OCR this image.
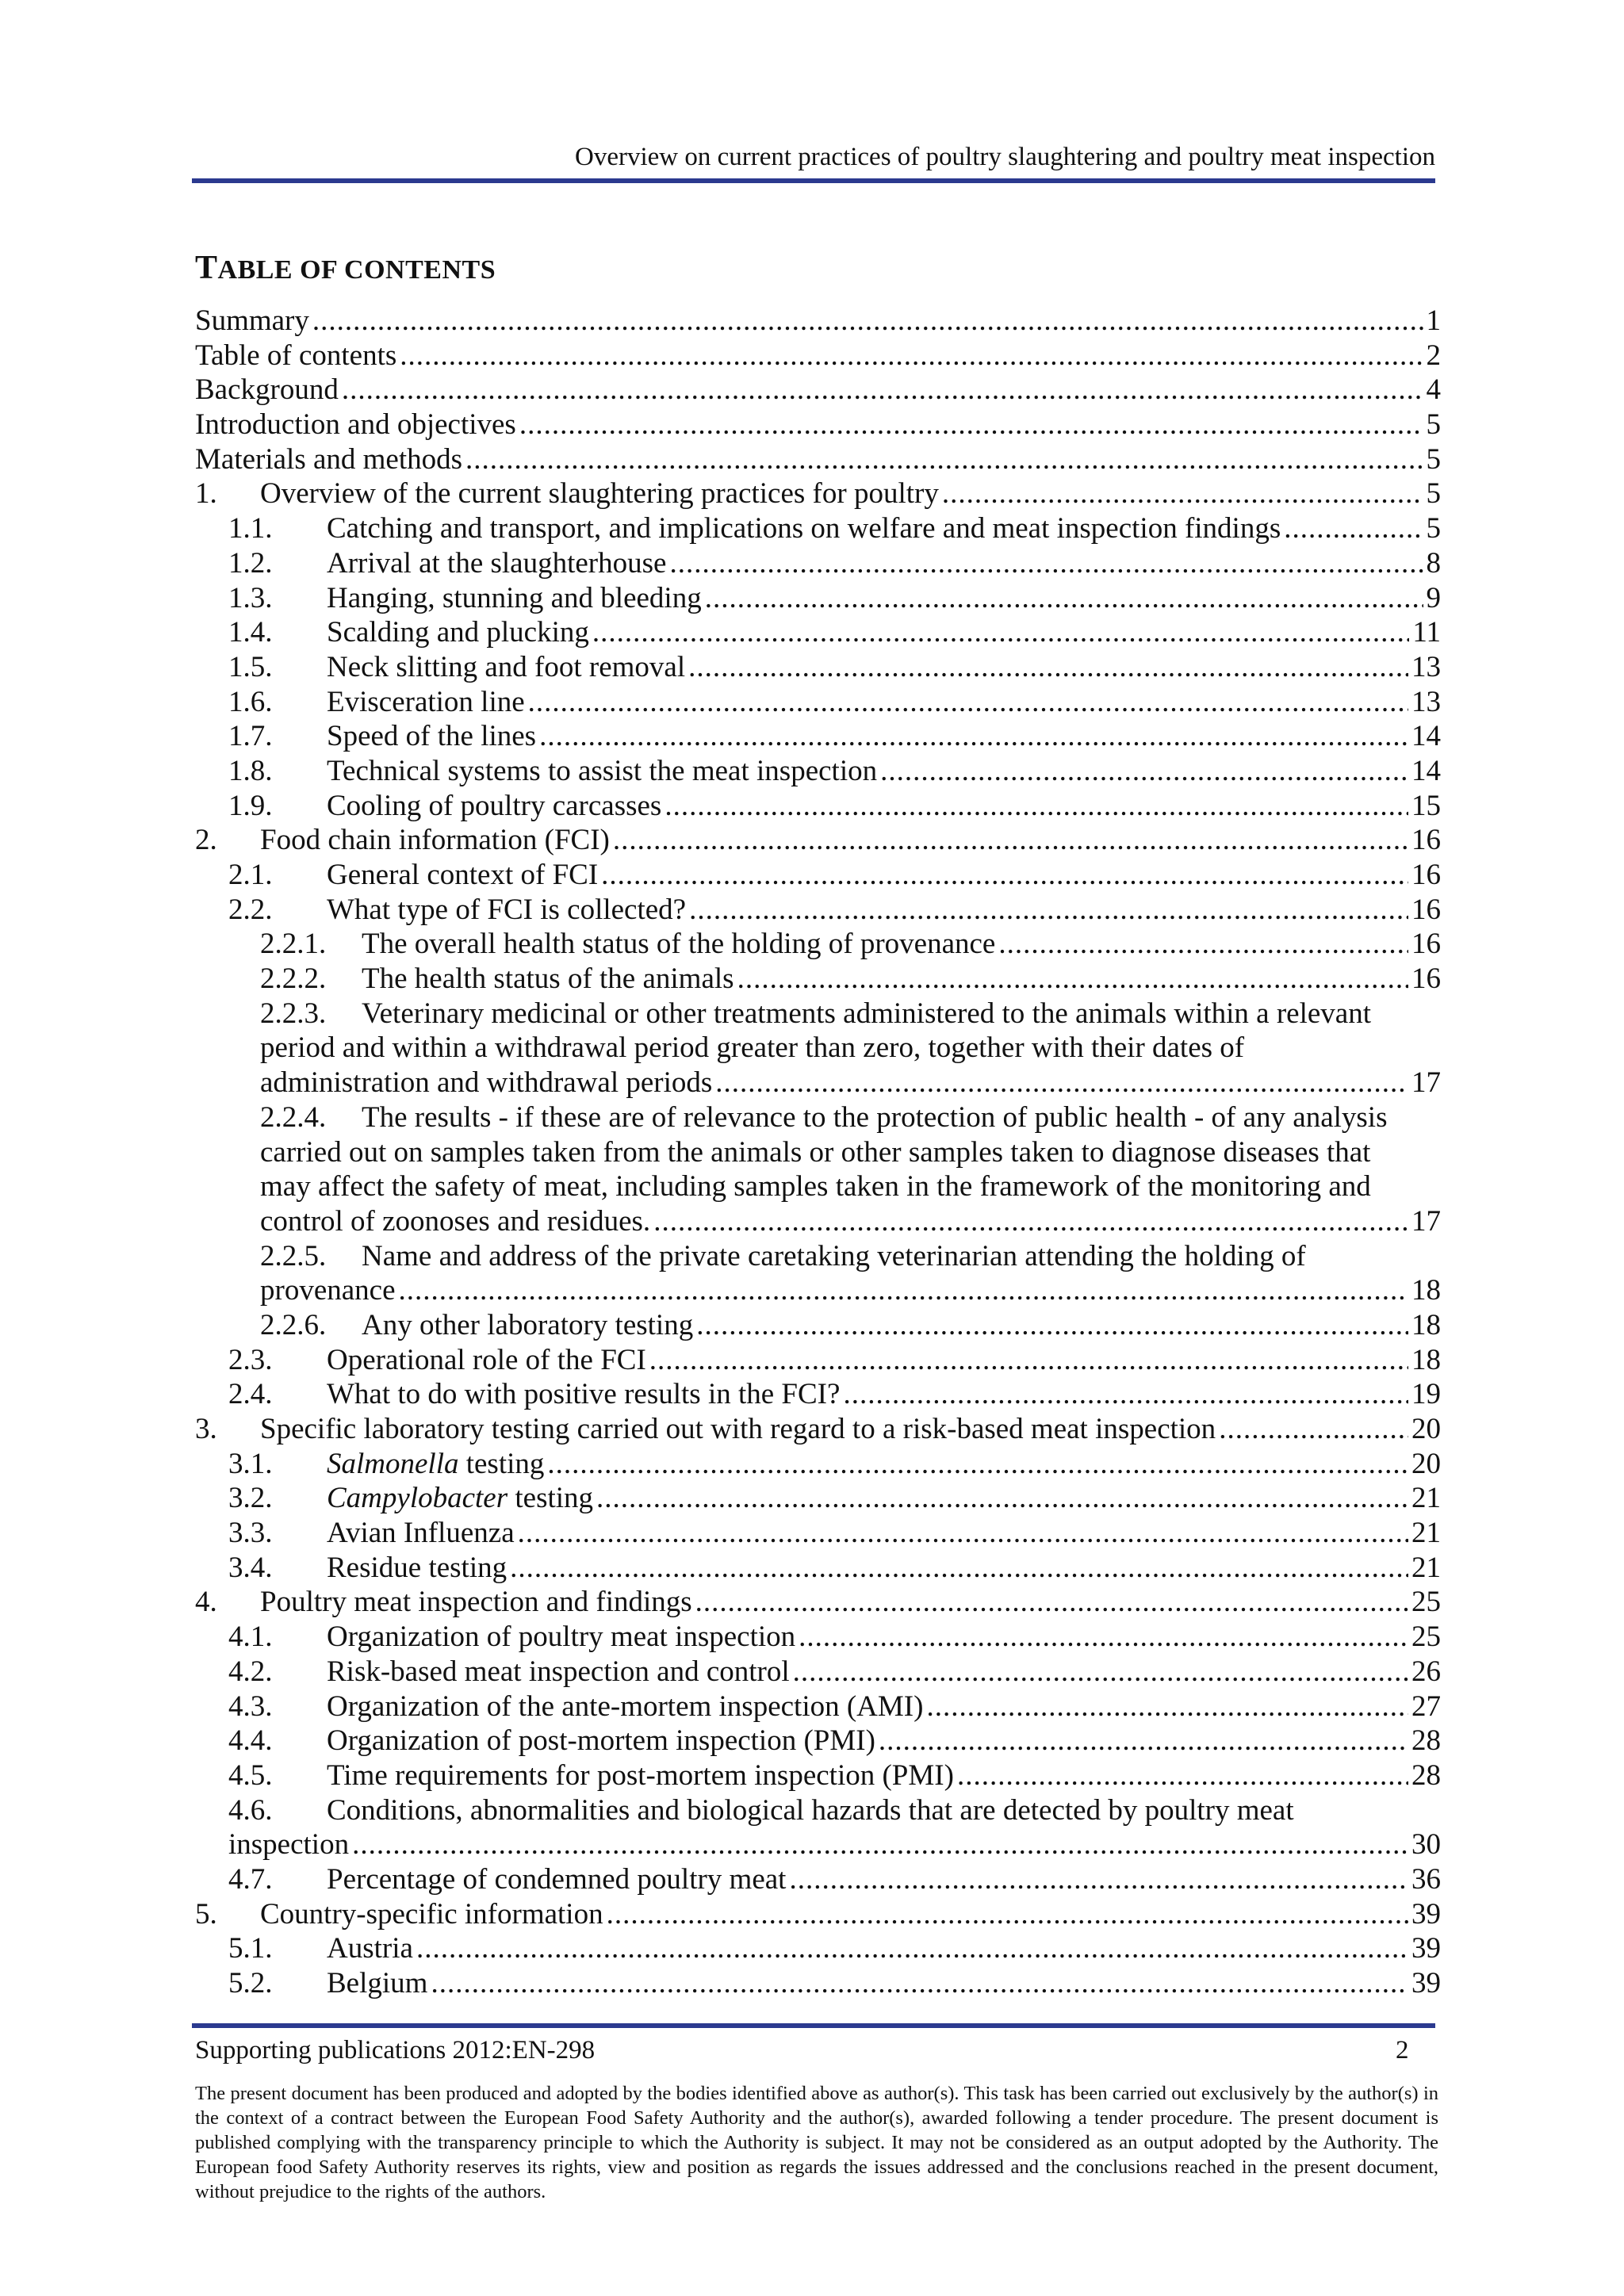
Overview on current practices of poultry slaughtering and poultry meat inspection
TABLE OF CONTENTS
Summary .....	1
Table of contents .....	2
Background .....	4
Introduction and objectives .....	5
Materials and methods .....	5
1.	Overview of the current slaughtering practices for poultry .....	5
1.1.	Catching and transport, and implications on welfare and meat inspection findings .....	5
1.2.	Arrival at the slaughterhouse .....	8
1.3.	Hanging, stunning and bleeding .....	9
1.4.	Scalding and plucking .....	11
1.5.	Neck slitting and foot removal .....	13
1.6.	Evisceration line .....	13
1.7.	Speed of the lines .....	14
1.8.	Technical systems to assist the meat inspection .....	14
1.9.	Cooling of poultry carcasses .....	15
2.	Food chain information (FCI) .....	16
2.1.	General context of FCI .....	16
2.2.	What type of FCI is collected? .....	16
2.2.1.	The overall health status of the holding of provenance .....	16
2.2.2.	The health status of the animals .....	16
2.2.3.	Veterinary medicinal or other treatments administered to the animals within a relevant
period and within a withdrawal period greater than zero, together with their dates of
administration and withdrawal periods .....	17
2.2.4.	The results - if these are of relevance to the protection of public health - of any analysis
carried out on samples taken from the animals or other samples taken to diagnose diseases that
may affect the safety of meat, including samples taken in the framework of the monitoring and
control of zoonoses and residues. .....	17
2.2.5.	Name and address of the private caretaking veterinarian attending the holding of
provenance .....	18
2.2.6.	Any other laboratory testing .....	18
2.3.	Operational role of the FCI .....	18
2.4.	What to do with positive results in the FCI? .....	19
3.	Specific laboratory testing carried out with regard to a risk-based meat inspection .....	20
3.1.	Salmonella testing .....	20
3.2.	Campylobacter testing .....	21
3.3.	Avian Influenza .....	21
3.4.	Residue testing .....	21
4.	Poultry meat inspection and findings .....	25
4.1.	Organization of poultry meat inspection .....	25
4.2.	Risk-based meat inspection and control .....	26
4.3.	Organization of the ante-mortem inspection (AMI) .....	27
4.4.	Organization of post-mortem inspection (PMI) .....	28
4.5.	Time requirements for post-mortem inspection (PMI) .....	28
4.6.	Conditions, abnormalities and biological hazards that are detected by poultry meat
inspection .....	30
4.7.	Percentage of condemned poultry meat .....	36
5.	Country-specific information .....	39
5.1.	Austria .....	39
5.2.	Belgium .....	39
Supporting publications 2012:EN-298	2
The present document has been produced and adopted by the bodies identified above as author(s). This task has been carried out exclusively by the author(s) in the context of a contract between the European Food Safety Authority and the author(s), awarded following a tender procedure. The present document is published complying with the transparency principle to which the Authority is subject. It may not be considered as an output adopted by the Authority. The European food Safety Authority reserves its rights, view and position as regards the issues addressed and the conclusions reached in the present document, without prejudice to the rights of the authors.
